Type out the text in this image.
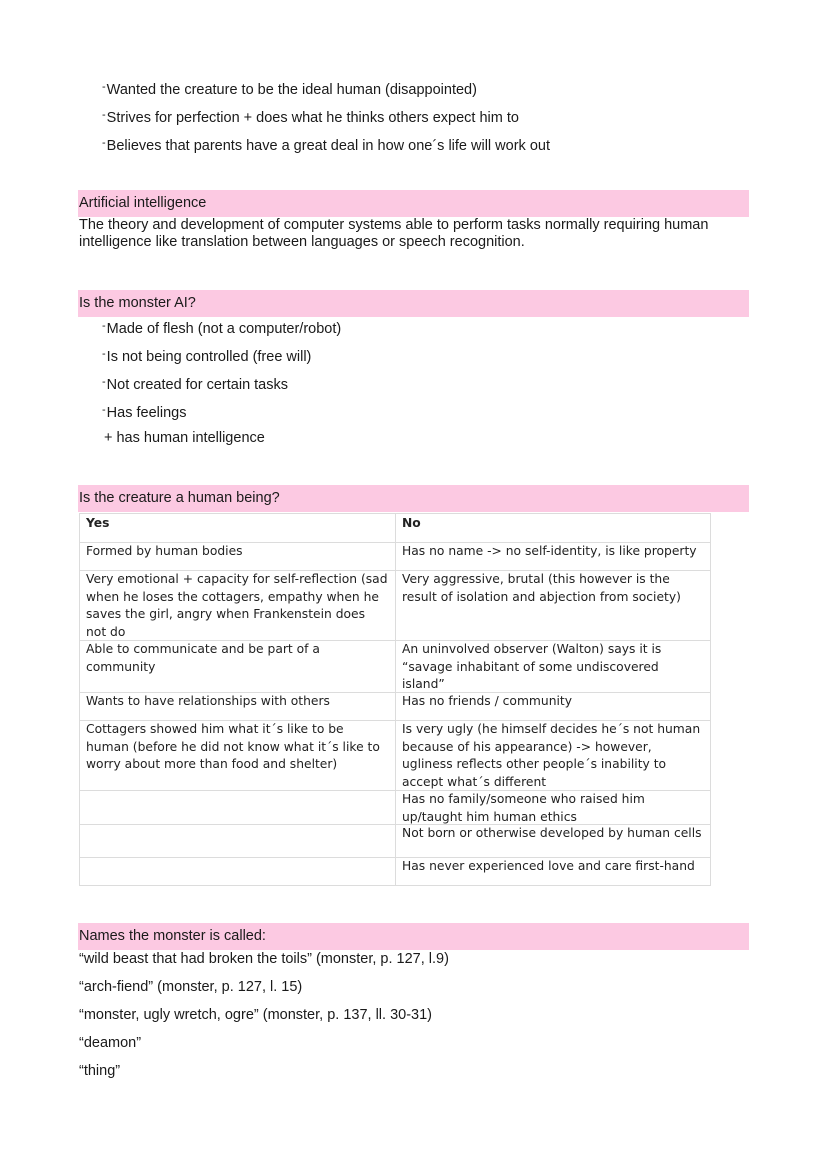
-Wanted the creature to be the ideal human (disappointed)
-Strives for perfection + does what he thinks others expect him to
-Believes that parents have a great deal in how one´s life will work out
Artificial intelligence
The theory and development of computer systems able to perform tasks normally requiring human intelligence like translation between languages or speech recognition.
Is the monster AI?
-Made of flesh (not a computer/robot)
-Is not being controlled (free will)
-Not created for certain tasks
-Has feelings
+ has human intelligence
Is the creature a human being?
Yes	No

Formed by human bodies	Has no name -> no self-identity, is like property

Very emotional + capacity for self-reflection (sad when he loses the cottagers, empathy when he saves the girl, angry when Frankenstein does not do	Very aggressive, brutal (this however is the result of isolation and abjection from society)

Able to communicate and be part of a community	An uninvolved observer (Walton) says it is “savage inhabitant of some undiscovered island”

Wants to have relationships with others	Has no friends / community

Cottagers showed him what it´s like to be human (before he did not know what it´s like to worry about more than food and shelter)	Is very ugly (he himself decides he´s not human because of his appearance) -> however, ugliness reflects other people´s inability to accept what´s different

	Has no family/someone who raised him up/taught him human ethics

	Not born or otherwise developed by human cells

	Has never experienced love and care first-hand
Names the monster is called:
“wild beast that had broken the toils” (monster, p. 127, l.9)
“arch-fiend” (monster, p. 127, l. 15)
“monster, ugly wretch, ogre” (monster, p. 137, ll. 30-31)
“deamon”
“thing”
